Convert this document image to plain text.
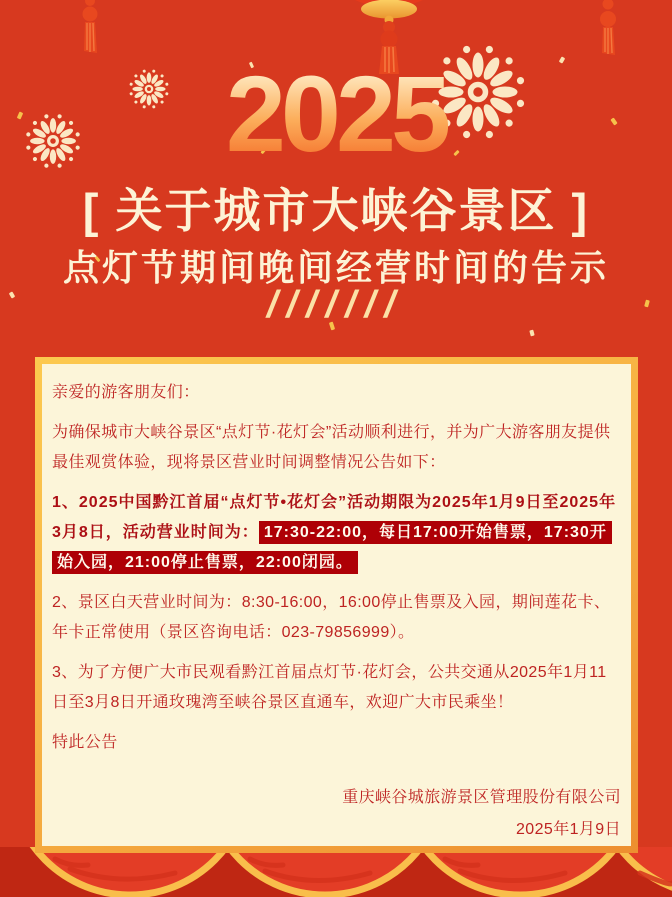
2025
[ 关于城市大峡谷景区 ]
点灯节期间晚间经营时间的告示
///////

亲爱的游客朋友们：

为确保城市大峡谷景区“点灯节·花灯会”活动顺利进行，并为广大游客朋友提供最佳观赏体验，现将景区营业时间调整情况公告如下：

1、2025中国黔江首届“点灯节•花灯会”活动期限为2025年1月9日至2025年3月8日，活动营业时间为： 17:30-22:00，每日17:00开始售票，17:30开始入园，21:00停止售票，22:00闭园。

2、景区白天营业时间为：8:30-16:00，16:00停止售票及入园，期间莲花卡、年卡正常使用（景区咨询电话：023-79856999）。

3、为了方便广大市民观看黔江首届点灯节·花灯会，公共交通从2025年1月11日至3月8日开通玫瑰湾至峡谷景区直通车，欢迎广大市民乘坐！

特此公告

重庆峡谷城旅游景区管理股份有限公司

2025年1月9日
